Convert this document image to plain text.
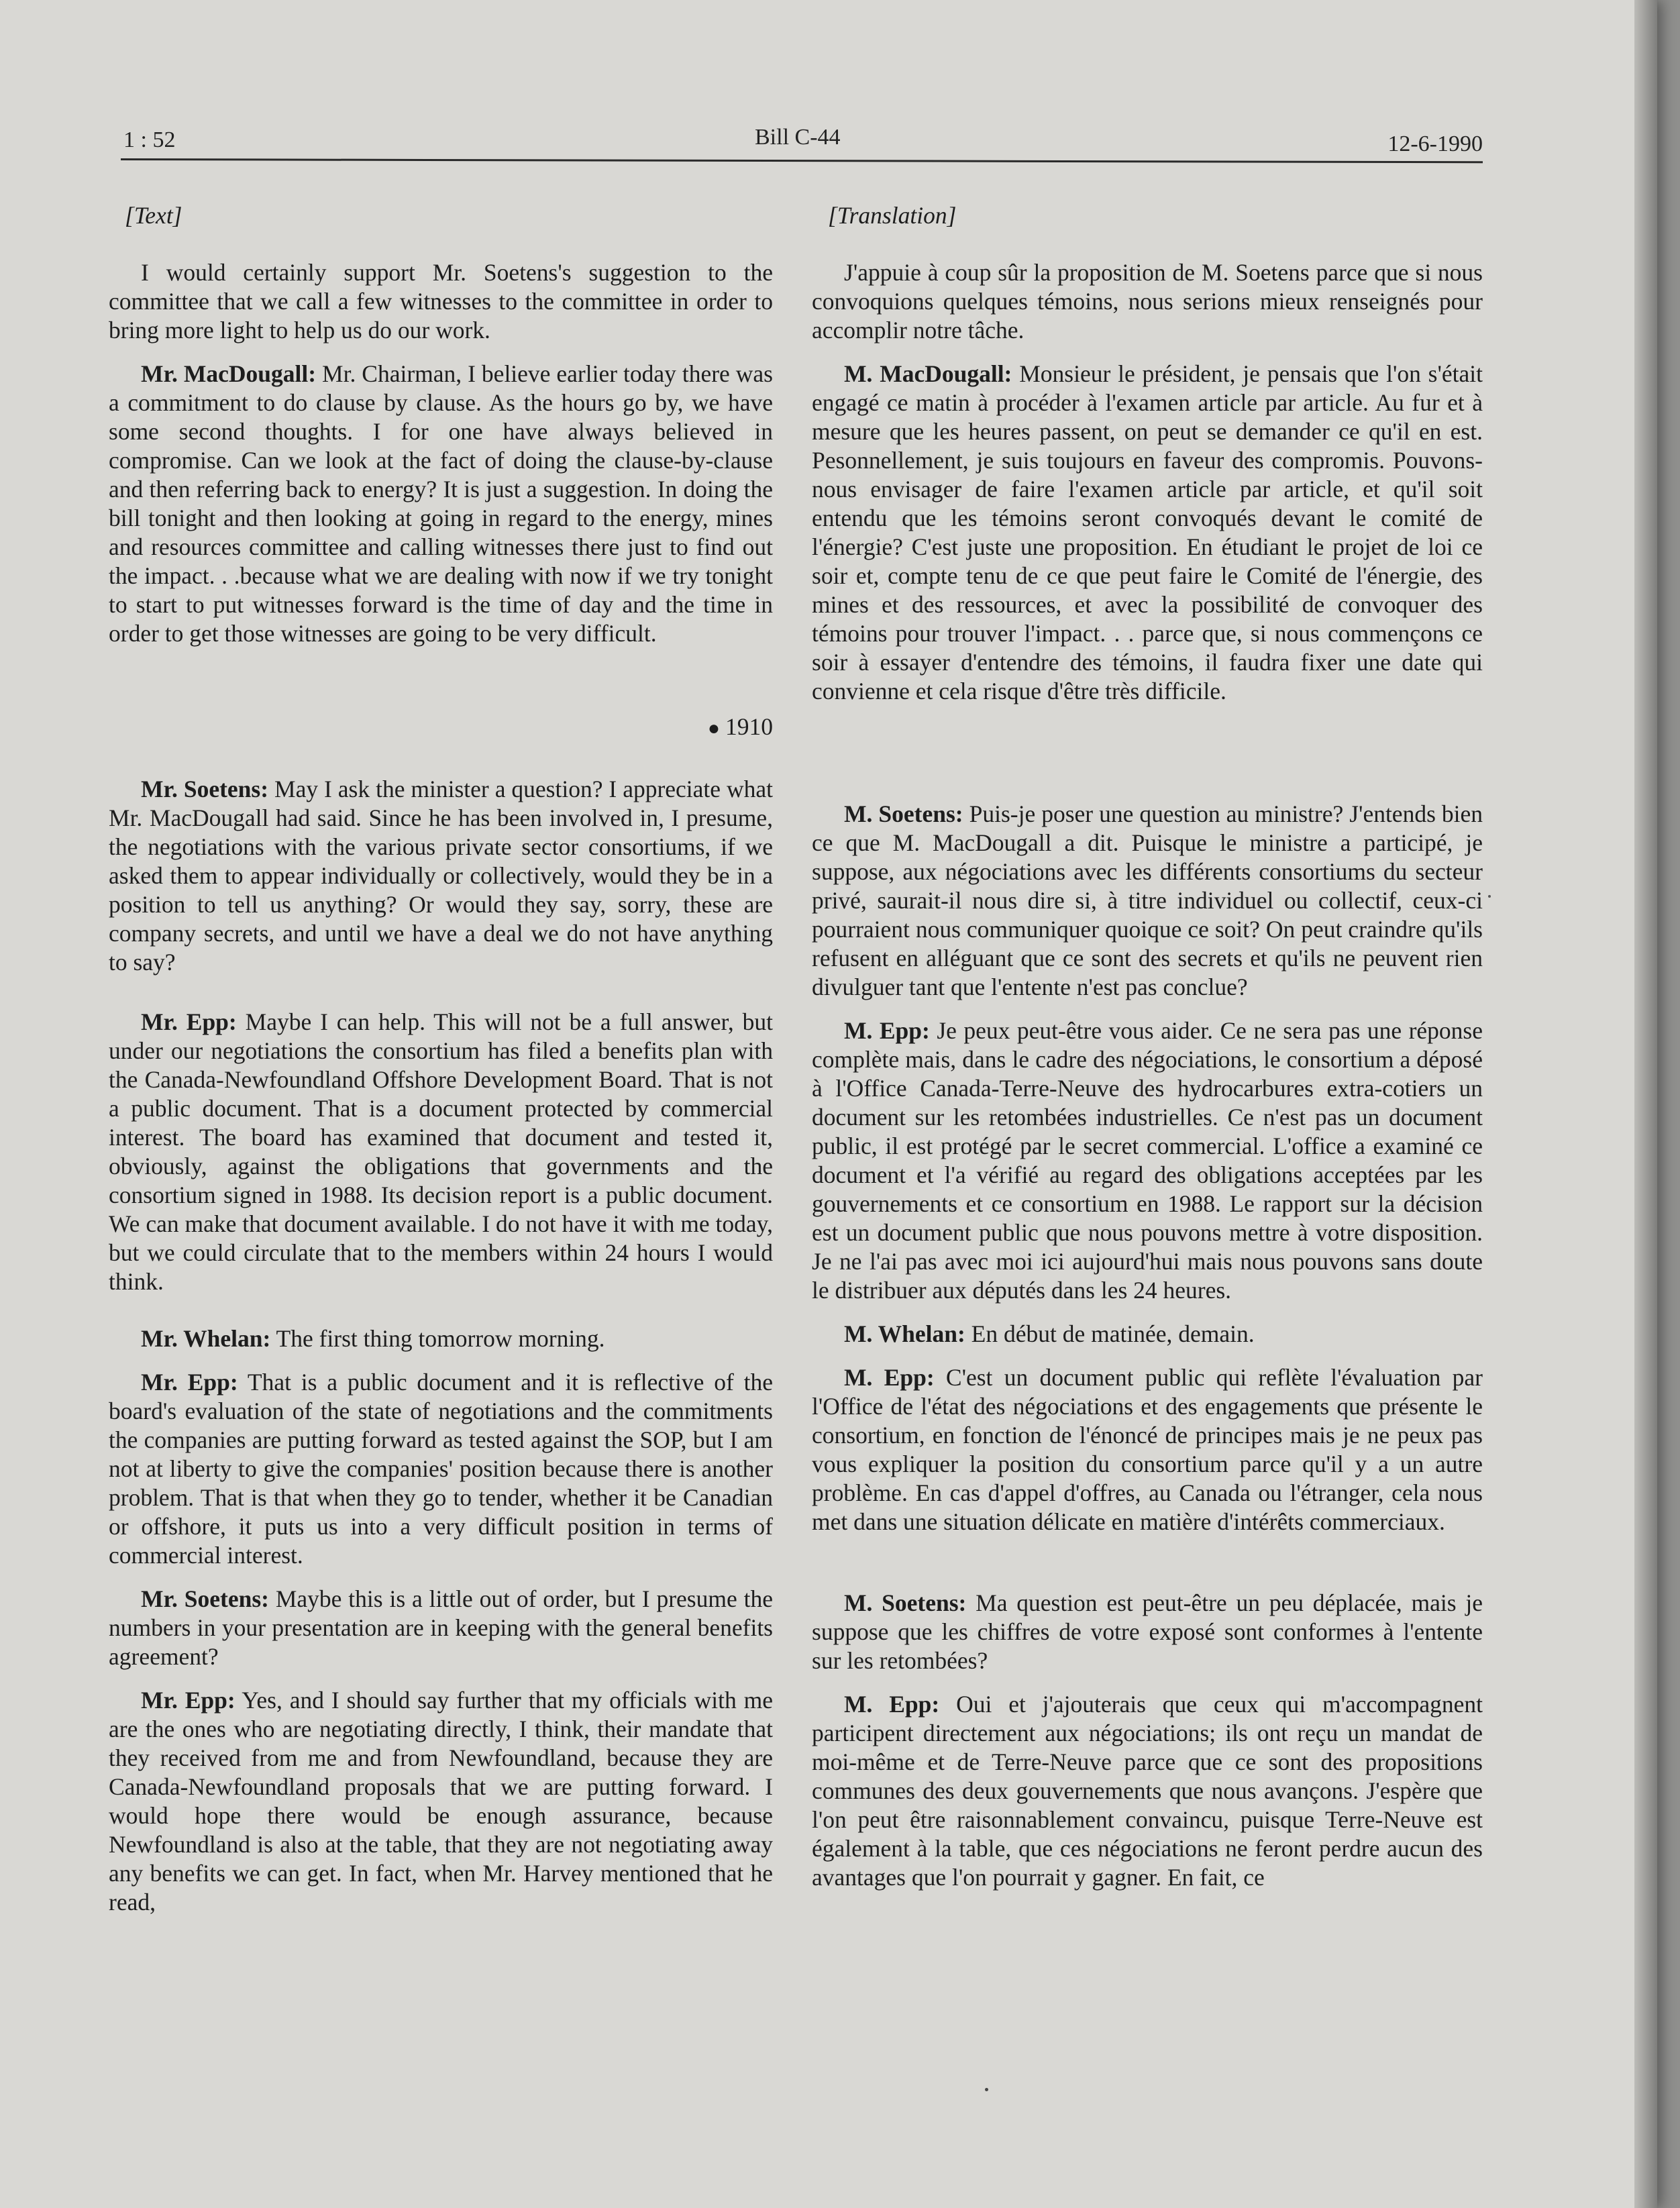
1 : 52	Bill C-44	12-6-1990

[Text]

I would certainly support Mr. Soetens's suggestion to the committee that we call a few witnesses to the committee in order to bring more light to help us do our work.

Mr. MacDougall: Mr. Chairman, I believe earlier today there was a commitment to do clause by clause. As the hours go by, we have some second thoughts. I for one have always believed in compromise. Can we look at the fact of doing the clause-by-clause and then referring back to energy? It is just a suggestion. In doing the bill tonight and then looking at going in regard to the energy, mines and resources committee and calling witnesses there just to find out the impact. . .because what we are dealing with now if we try tonight to start to put witnesses forward is the time of day and the time in order to get those witnesses are going to be very difficult.

● 1910

Mr. Soetens: May I ask the minister a question? I appreciate what Mr. MacDougall had said. Since he has been involved in, I presume, the negotiations with the various private sector consortiums, if we asked them to appear individually or collectively, would they be in a position to tell us anything? Or would they say, sorry, these are company secrets, and until we have a deal we do not have anything to say?

Mr. Epp: Maybe I can help. This will not be a full answer, but under our negotiations the consortium has filed a benefits plan with the Canada-Newfoundland Offshore Development Board. That is not a public document. That is a document protected by commercial interest. The board has examined that document and tested it, obviously, against the obligations that governments and the consortium signed in 1988. Its decision report is a public document. We can make that document available. I do not have it with me today, but we could circulate that to the members within 24 hours I would think.

Mr. Whelan: The first thing tomorrow morning.

Mr. Epp: That is a public document and it is reflective of the board's evaluation of the state of negotiations and the commitments the companies are putting forward as tested against the SOP, but I am not at liberty to give the companies' position because there is another problem. That is that when they go to tender, whether it be Canadian or offshore, it puts us into a very difficult position in terms of commercial interest.

Mr. Soetens: Maybe this is a little out of order, but I presume the numbers in your presentation are in keeping with the general benefits agreement?

Mr. Epp: Yes, and I should say further that my officials with me are the ones who are negotiating directly, I think, their mandate that they received from me and from Newfoundland, because they are Canada-Newfoundland proposals that we are putting forward. I would hope there would be enough assurance, because Newfoundland is also at the table, that they are not negotiating away any benefits we can get. In fact, when Mr. Harvey mentioned that he read,

[Translation]

J'appuie à coup sûr la proposition de M. Soetens parce que si nous convoquions quelques témoins, nous serions mieux renseignés pour accomplir notre tâche.

M. MacDougall: Monsieur le président, je pensais que l'on s'était engagé ce matin à procéder à l'examen article par article. Au fur et à mesure que les heures passent, on peut se demander ce qu'il en est. Pesonnellement, je suis toujours en faveur des compromis. Pouvons-nous envisager de faire l'examen article par article, et qu'il soit entendu que les témoins seront convoqués devant le comité de l'énergie? C'est juste une proposition. En étudiant le projet de loi ce soir et, compte tenu de ce que peut faire le Comité de l'énergie, des mines et des ressources, et avec la possibilité de convoquer des témoins pour trouver l'impact. . . parce que, si nous commençons ce soir à essayer d'entendre des témoins, il faudra fixer une date qui convienne et cela risque d'être très difficile.

M. Soetens: Puis-je poser une question au ministre? J'entends bien ce que M. MacDougall a dit. Puisque le ministre a participé, je suppose, aux négociations avec les différents consortiums du secteur privé, saurait-il nous dire si, à titre individuel ou collectif, ceux-ci pourraient nous communiquer quoique ce soit? On peut craindre qu'ils refusent en alléguant que ce sont des secrets et qu'ils ne peuvent rien divulguer tant que l'entente n'est pas conclue?

M. Epp: Je peux peut-être vous aider. Ce ne sera pas une réponse complète mais, dans le cadre des négociations, le consortium a déposé à l'Office Canada-Terre-Neuve des hydrocarbures extra-cotiers un document sur les retombées industrielles. Ce n'est pas un document public, il est protégé par le secret commercial. L'office a examiné ce document et l'a vérifié au regard des obligations acceptées par les gouvernements et ce consortium en 1988. Le rapport sur la décision est un document public que nous pouvons mettre à votre disposition. Je ne l'ai pas avec moi ici aujourd'hui mais nous pouvons sans doute le distribuer aux députés dans les 24 heures.

M. Whelan: En début de matinée, demain.

M. Epp: C'est un document public qui reflète l'évaluation par l'Office de l'état des négociations et des engagements que présente le consortium, en fonction de l'énoncé de principes mais je ne peux pas vous expliquer la position du consortium parce qu'il y a un autre problème. En cas d'appel d'offres, au Canada ou l'étranger, cela nous met dans une situation délicate en matière d'intérêts commerciaux.

M. Soetens: Ma question est peut-être un peu déplacée, mais je suppose que les chiffres de votre exposé sont conformes à l'entente sur les retombées?

M. Epp: Oui et j'ajouterais que ceux qui m'accompagnent participent directement aux négociations; ils ont reçu un mandat de moi-même et de Terre-Neuve parce que ce sont des propositions communes des deux gouvernements que nous avançons. J'espère que l'on peut être raisonnablement convaincu, puisque Terre-Neuve est également à la table, que ces négociations ne feront perdre aucun des avantages que l'on pourrait y gagner. En fait, ce
